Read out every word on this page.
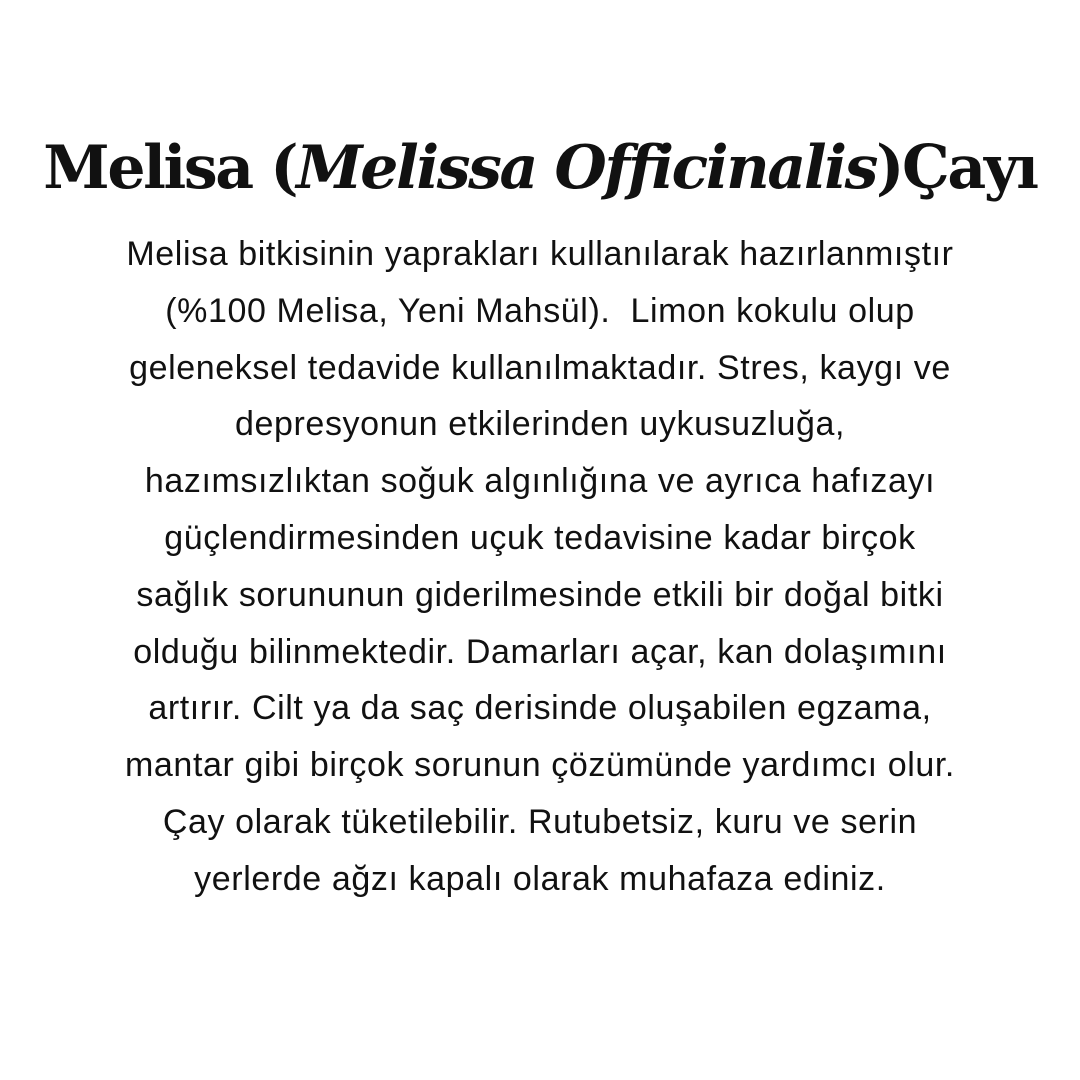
Melisa (Melissa Officinalis)Çayı

Melisa bitkisinin yaprakları kullanılarak hazırlanmıştır
(%100 Melisa, Yeni Mahsül).  Limon kokulu olup
geleneksel tedavide kullanılmaktadır. Stres, kaygı ve
depresyonun etkilerinden uykusuzluğa,
hazımsızlıktan soğuk algınlığına ve ayrıca hafızayı
güçlendirmesinden uçuk tedavisine kadar birçok
sağlık sorununun giderilmesinde etkili bir doğal bitki
olduğu bilinmektedir. Damarları açar, kan dolaşımını
artırır. Cilt ya da saç derisinde oluşabilen egzama,
mantar gibi birçok sorunun çözümünde yardımcı olur.
Çay olarak tüketilebilir. Rutubetsiz, kuru ve serin
yerlerde ağzı kapalı olarak muhafaza ediniz.
